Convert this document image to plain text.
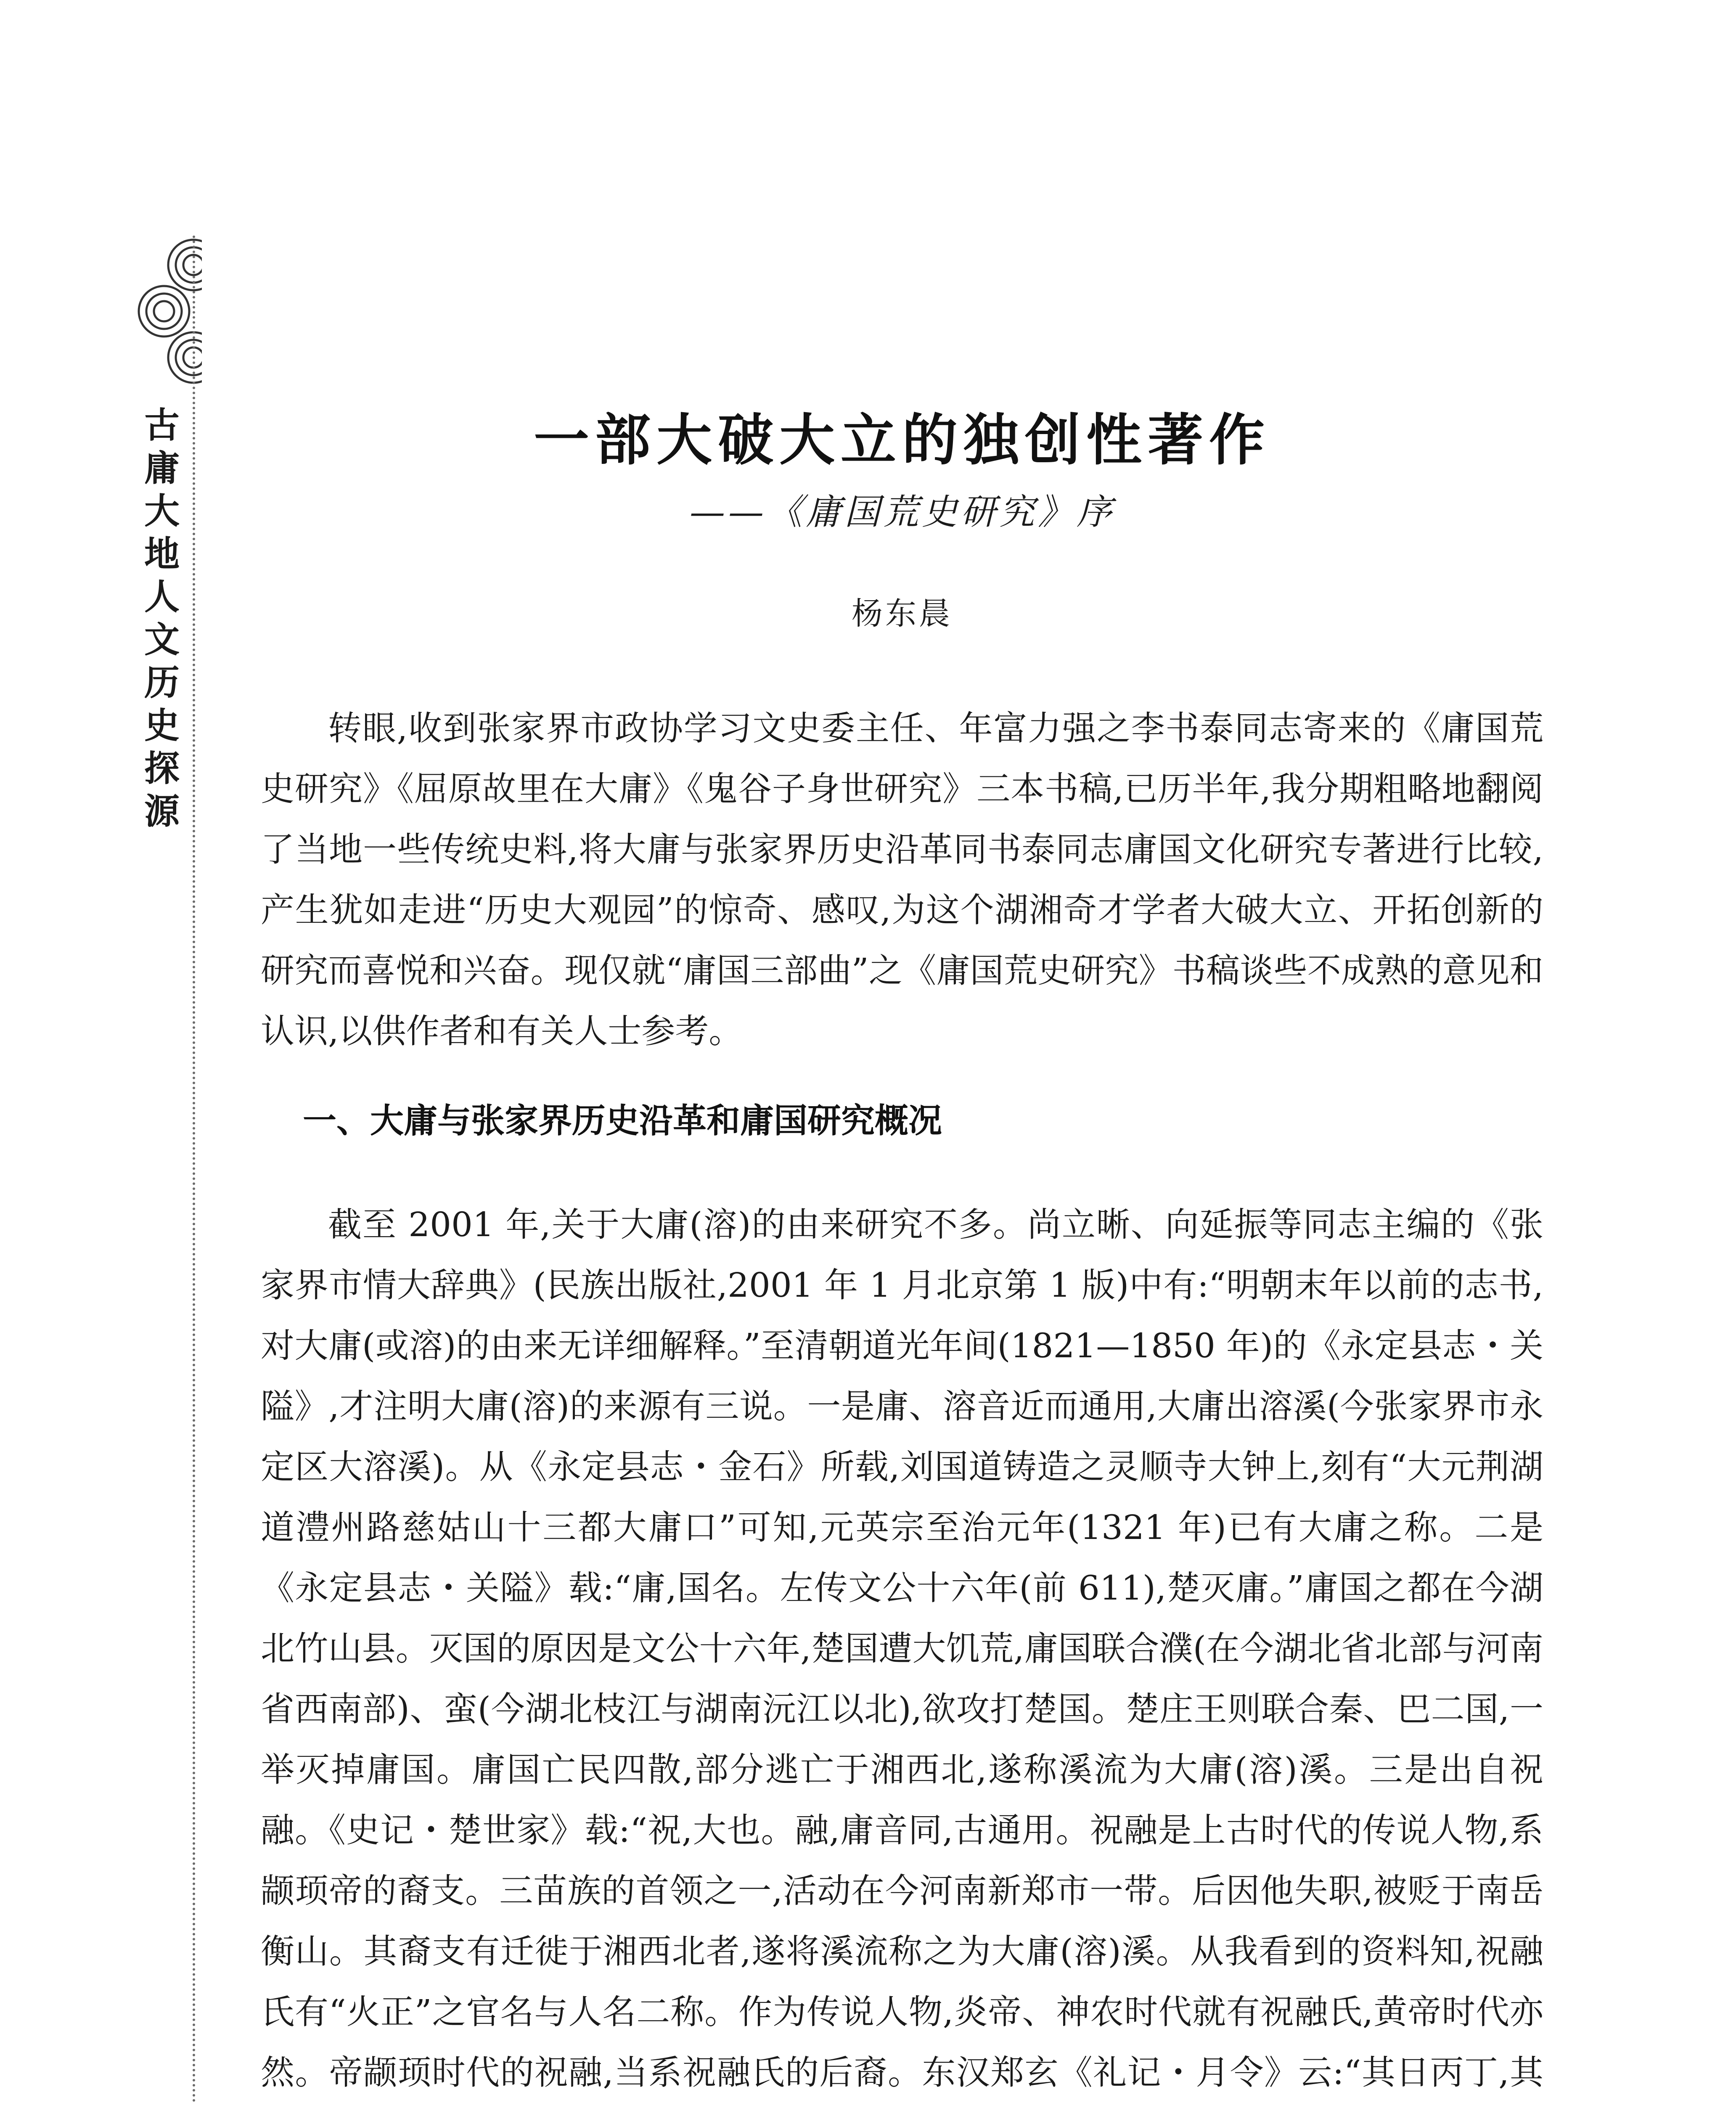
古
庸
大
地
人
文
历
史
探
源
一部大破大立的独创性著作
——《庸国荒史研究》序
杨东晨

转眼,收到张家界市政协学习文史委主任、年富力强之李书泰同志寄来的《庸国荒史研究》《屈原故里在大庸》《鬼谷子身世研究》三本书稿,已历半年,我分期粗略地翻阅了当地一些传统史料,将大庸与张家界历史沿革同书泰同志庸国文化研究专著进行比较,产生犹如走进“历史大观园”的惊奇、感叹,为这个湖湘奇才学者大破大立、开拓创新的研究而喜悦和兴奋。现仅就“庸国三部曲”之《庸国荒史研究》书稿谈些不成熟的意见和认识,以供作者和有关人士参考。

一、大庸与张家界历史沿革和庸国研究概况

截至 2001 年,关于大庸(溶)的由来研究不多。尚立晰、向延振等同志主编的《张家界市情大辞典》(民族出版社,2001 年 1 月北京第 1 版)中有:“明朝末年以前的志书,对大庸(或溶)的由来无详细解释。”至清朝道光年间(1821—1850 年)的《永定县志・关隘》,才注明大庸(溶)的来源有三说。一是庸、溶音近而通用,大庸出溶溪(今张家界市永定区大溶溪)。从《永定县志・金石》所载,刘国道铸造之灵顺寺大钟上,刻有“大元荆湖道澧州路慈姑山十三都大庸口”可知,元英宗至治元年(1321 年)已有大庸之称。二是《永定县志・关隘》载:“庸,国名。左传文公十六年(前 611),楚灭庸。”庸国之都在今湖北竹山县。灭国的原因是文公十六年,楚国遭大饥荒,庸国联合濮(在今湖北省北部与河南省西南部)、蛮(今湖北枝江与湖南沅江以北),欲攻打楚国。楚庄王则联合秦、巴二国,一举灭掉庸国。庸国亡民四散,部分逃亡于湘西北,遂称溪流为大庸(溶)溪。三是出自祝融。《史记・楚世家》载:“祝,大也。融,庸音同,古通用。祝融是上古时代的传说人物,系颛顼帝的裔支。三苗族的首领之一,活动在今河南新郑市一带。后因他失职,被贬于南岳衡山。其裔支有迁徙于湘西北者,遂将溪流称之为大庸(溶)溪。从我看到的资料知,祝融氏有“火正”之官名与人名二称。作为传说人物,炎帝、神农时代就有祝融氏,黄帝时代亦然。帝颛顼时代的祝融,当系祝融氏的后裔。东汉郑玄《礼记・月令》云:“其日丙丁,其
